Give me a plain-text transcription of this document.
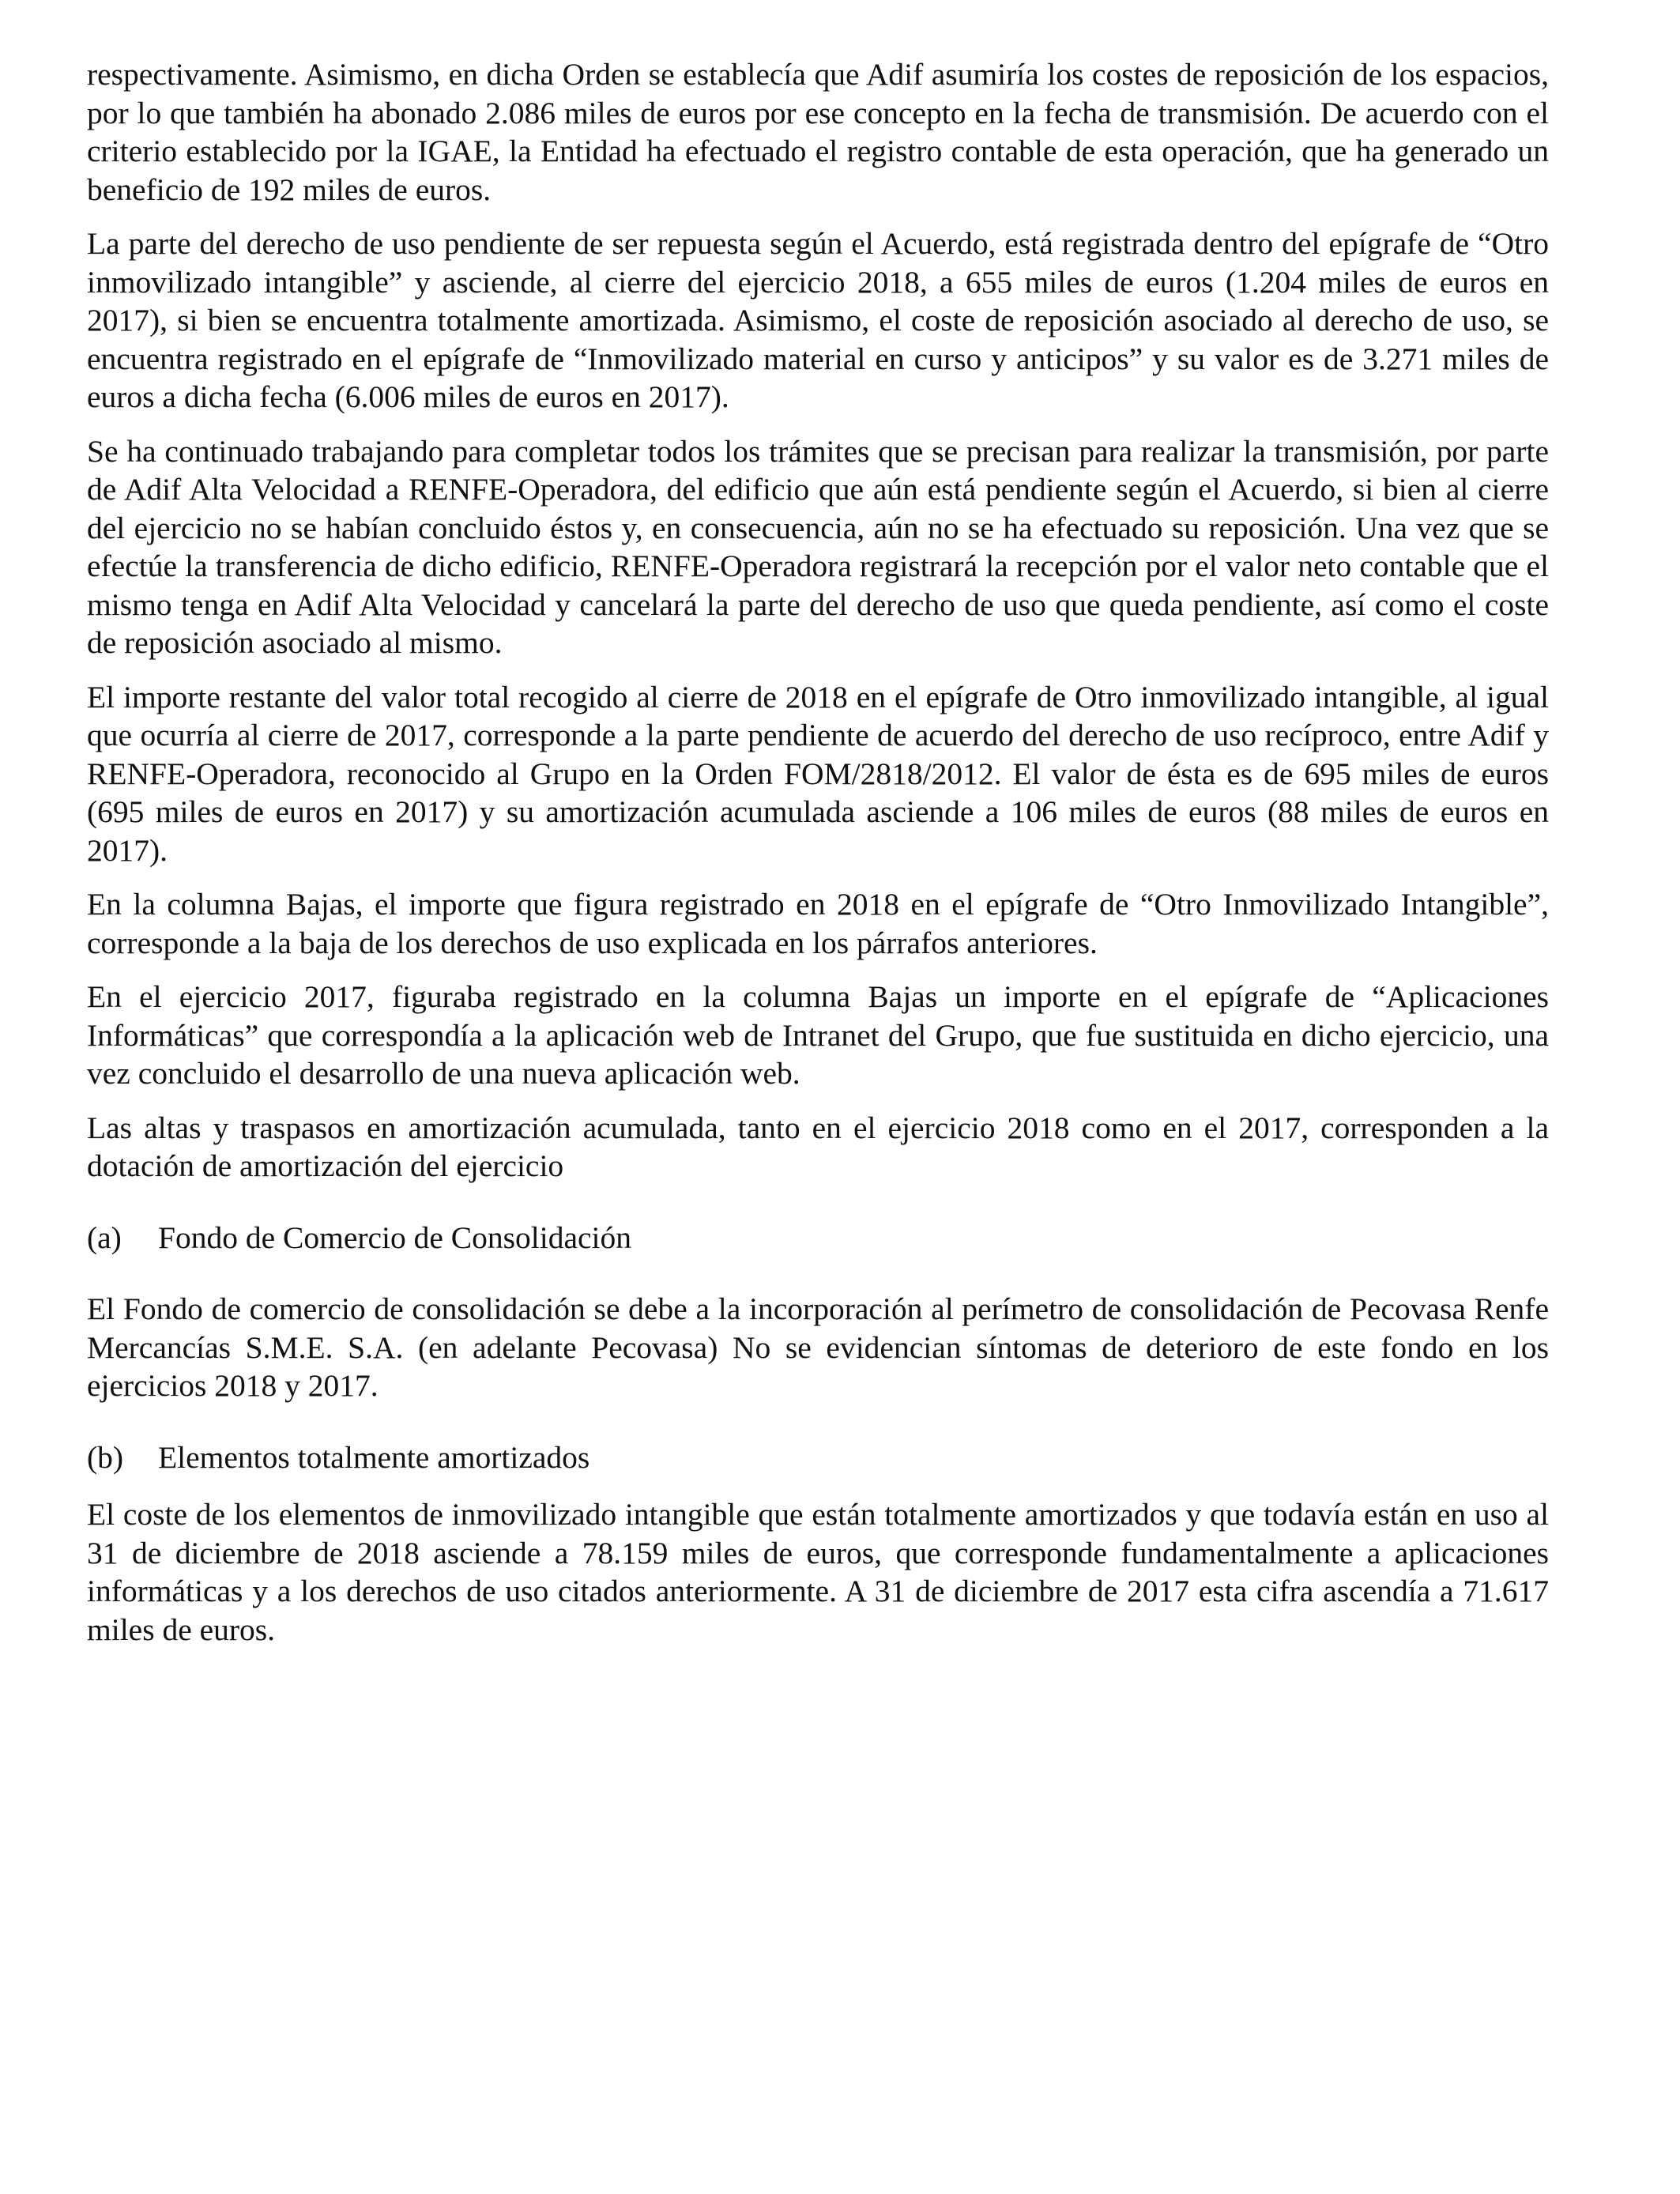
respectivamente. Asimismo, en dicha Orden se establecía que Adif asumiría los costes de reposición de los espacios, por lo que también ha abonado 2.086 miles de euros por ese concepto en la fecha de transmisión. De acuerdo con el criterio establecido por la IGAE, la Entidad ha efectuado el registro contable de esta operación, que ha generado un beneficio de 192 miles de euros.

La parte del derecho de uso pendiente de ser repuesta según el Acuerdo, está registrada dentro del epígrafe de “Otro inmovilizado intangible” y asciende, al cierre del ejercicio 2018, a 655 miles de euros (1.204 miles de euros en 2017), si bien se encuentra totalmente amortizada. Asimismo, el coste de reposición asociado al derecho de uso, se encuentra registrado en el epígrafe de “Inmovilizado material en curso y anticipos” y su valor es de 3.271 miles de euros a dicha fecha (6.006 miles de euros en 2017).

Se ha continuado trabajando para completar todos los trámites que se precisan para realizar la transmisión, por parte de Adif Alta Velocidad a RENFE-Operadora, del edificio que aún está pendiente según el Acuerdo, si bien al cierre del ejercicio no se habían concluido éstos y, en consecuencia, aún no se ha efectuado su reposición. Una vez que se efectúe la transferencia de dicho edificio, RENFE-Operadora registrará la recepción por el valor neto contable que el mismo tenga en Adif Alta Velocidad y cancelará la parte del derecho de uso que queda pendiente, así como el coste de reposición asociado al mismo.

El importe restante del valor total recogido al cierre de 2018 en el epígrafe de Otro inmovilizado intangible, al igual que ocurría al cierre de 2017, corresponde a la parte pendiente de acuerdo del derecho de uso recíproco, entre Adif y RENFE-Operadora, reconocido al Grupo en la Orden FOM/2818/2012. El valor de ésta es de 695 miles de euros (695 miles de euros en 2017) y su amortización acumulada asciende a 106 miles de euros (88 miles de euros en 2017).

En la columna Bajas, el importe que figura registrado en 2018 en el epígrafe de “Otro Inmovilizado Intangible”, corresponde a la baja de los derechos de uso explicada en los párrafos anteriores.

En el ejercicio 2017, figuraba registrado en la columna Bajas un importe en el epígrafe de “Aplicaciones Informáticas” que correspondía a la aplicación web de Intranet del Grupo, que fue sustituida en dicho ejercicio, una vez concluido el desarrollo de una nueva aplicación web.

Las altas y traspasos en amortización acumulada, tanto en el ejercicio 2018 como en el 2017, corresponden a la dotación de amortización del ejercicio

(a)	Fondo de Comercio de Consolidación

El Fondo de comercio de consolidación se debe a la incorporación al perímetro de consolidación de Pecovasa Renfe Mercancías S.M.E. S.A. (en adelante Pecovasa) No se evidencian síntomas de deterioro de este fondo en los ejercicios 2018 y 2017.

(b)	Elementos totalmente amortizados

El coste de los elementos de inmovilizado intangible que están totalmente amortizados y que todavía están en uso al 31 de diciembre de 2018 asciende a 78.159 miles de euros, que corresponde fundamentalmente a aplicaciones informáticas y a los derechos de uso citados anteriormente. A 31 de diciembre de 2017 esta cifra ascendía a 71.617 miles de euros.
